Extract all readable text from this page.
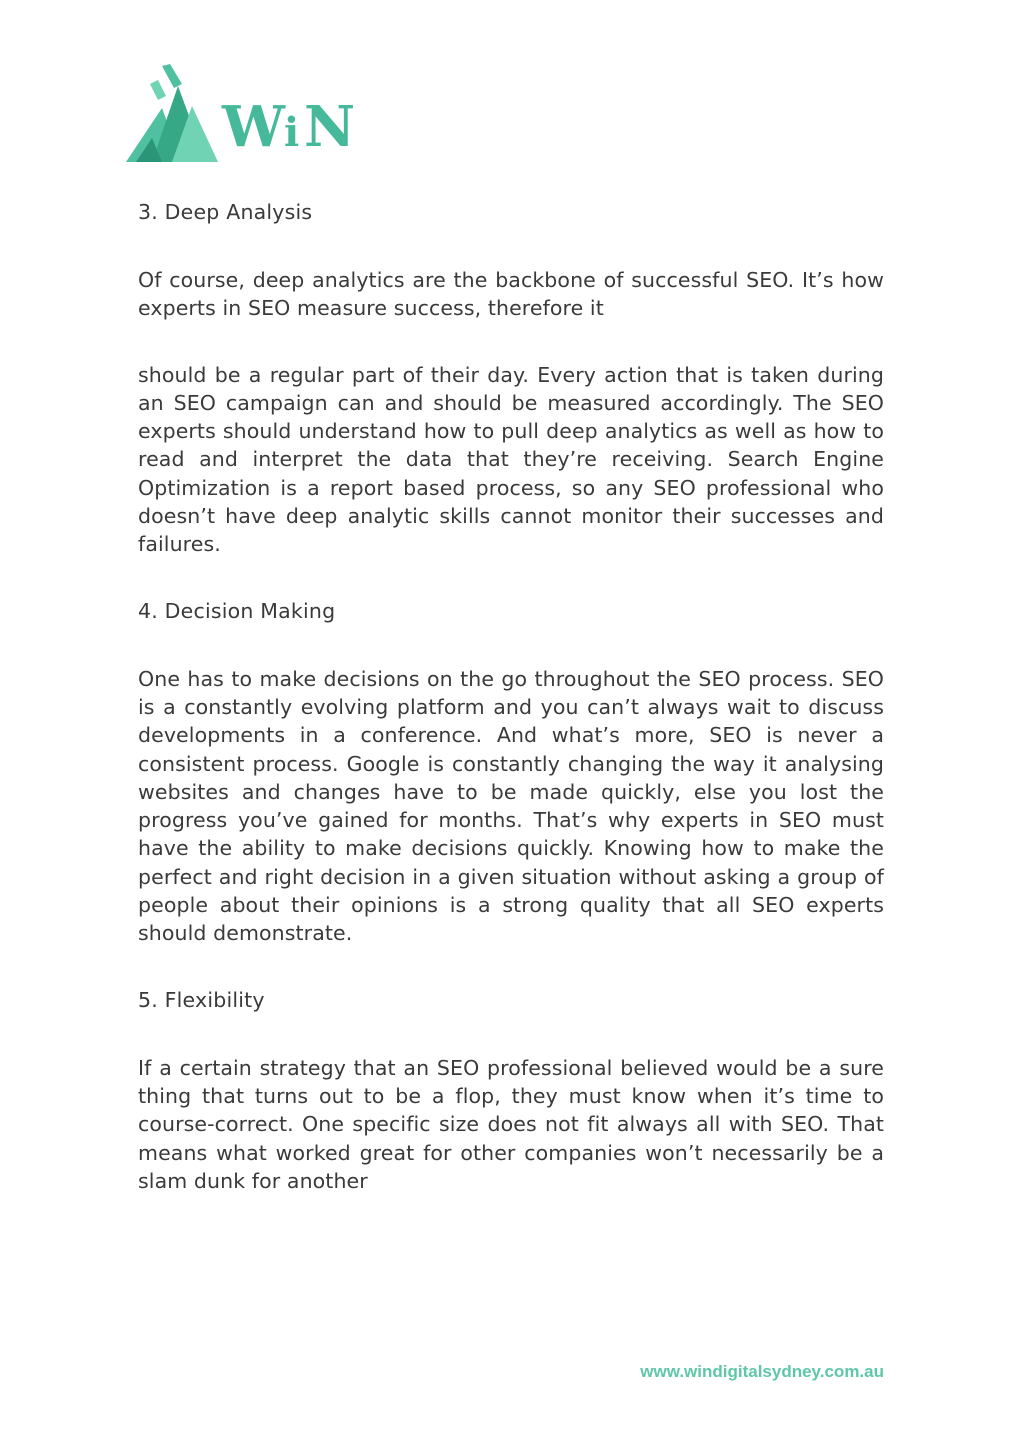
W i N
3. Deep Analysis

Of course, deep analytics are the backbone of successful SEO. It’s how experts in SEO measure success, therefore it

should be a regular part of their day. Every action that is taken during an SEO campaign can and should be measured accordingly. The SEO experts should understand how to pull deep analytics as well as how to read and interpret the data that they’re receiving. Search Engine Optimization is a report based process, so any SEO professional who doesn’t have deep analytic skills cannot monitor their successes and failures.

4. Decision Making

One has to make decisions on the go throughout the SEO process. SEO is a constantly evolving platform and you can’t always wait to discuss developments in a conference. And what’s more, SEO is never a consistent process. Google is constantly changing the way it analysing websites and changes have to be made quickly, else you lost the progress you’ve gained for months. That’s why experts in SEO must have the ability to make decisions quickly. Knowing how to make the perfect and right decision in a given situation without asking a group of people about their opinions is a strong quality that all SEO experts should demonstrate.

5. Flexibility

If a certain strategy that an SEO professional believed would be a sure thing that turns out to be a flop, they must know when it’s time to course-correct. One specific size does not fit always all with SEO. That means what worked great for other companies won’t necessarily be a slam dunk for another

www.windigitalsydney.com.au
